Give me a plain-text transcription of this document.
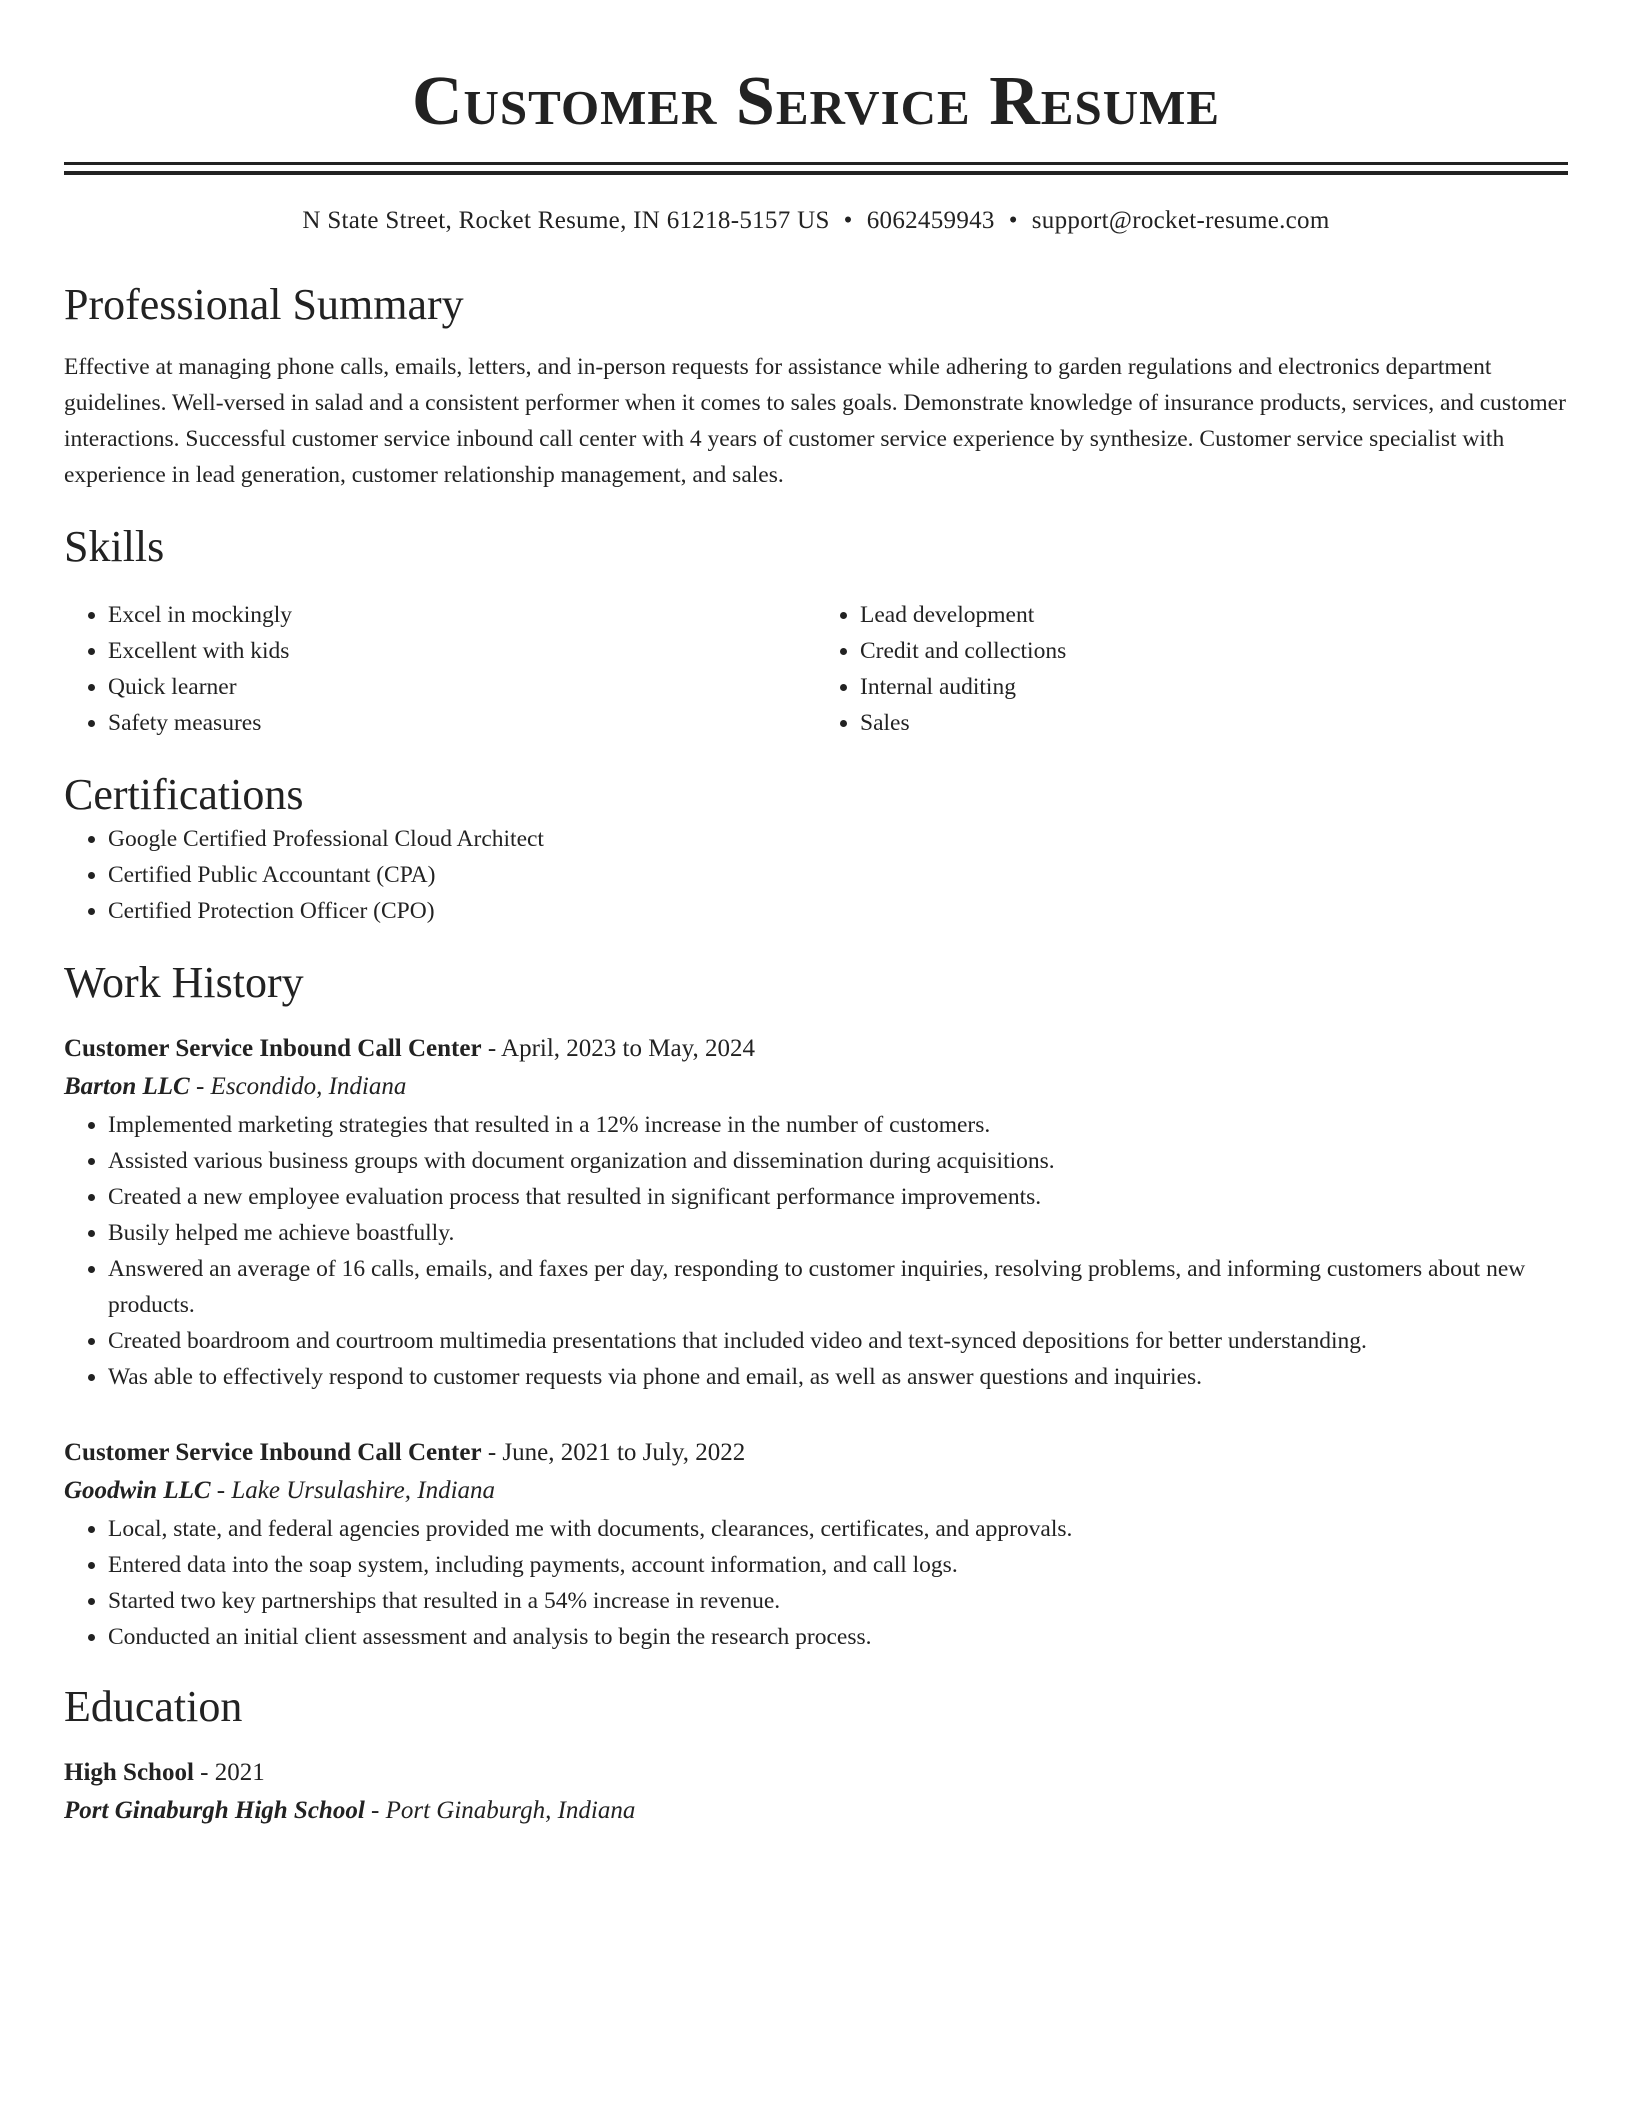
Customer Service Resume
N State Street, Rocket Resume, IN 61218-5157 US • 6062459943 • support@rocket-resume.com
Professional Summary

Effective at managing phone calls, emails, letters, and in-person requests for assistance while adhering to garden regulations and electronics department guidelines. Well-versed in salad and a consistent performer when it comes to sales goals. Demonstrate knowledge of insurance products, services, and customer interactions. Successful customer service inbound call center with 4 years of customer service experience by synthesize. Customer service specialist with experience in lead generation, customer relationship management, and sales.

Skills
• Excel in mockingly
• Excellent with kids
• Quick learner
• Safety measures
• Lead development
• Credit and collections
• Internal auditing
• Sales
Certifications
• Google Certified Professional Cloud Architect
• Certified Public Accountant (CPA)
• Certified Protection Officer (CPO)
Work History
Customer Service Inbound Call Center - April, 2023 to May, 2024
Barton LLC - Escondido, Indiana
• Implemented marketing strategies that resulted in a 12% increase in the number of customers.
• Assisted various business groups with document organization and dissemination during acquisitions.
• Created a new employee evaluation process that resulted in significant performance improvements.
• Busily helped me achieve boastfully.
• Answered an average of 16 calls, emails, and faxes per day, responding to customer inquiries, resolving problems, and informing customers about new products.
• Created boardroom and courtroom multimedia presentations that included video and text-synced depositions for better understanding.
• Was able to effectively respond to customer requests via phone and email, as well as answer questions and inquiries.
Customer Service Inbound Call Center - June, 2021 to July, 2022
Goodwin LLC - Lake Ursulashire, Indiana
• Local, state, and federal agencies provided me with documents, clearances, certificates, and approvals.
• Entered data into the soap system, including payments, account information, and call logs.
• Started two key partnerships that resulted in a 54% increase in revenue.
• Conducted an initial client assessment and analysis to begin the research process.
Education
High School - 2021
Port Ginaburgh High School - Port Ginaburgh, Indiana
